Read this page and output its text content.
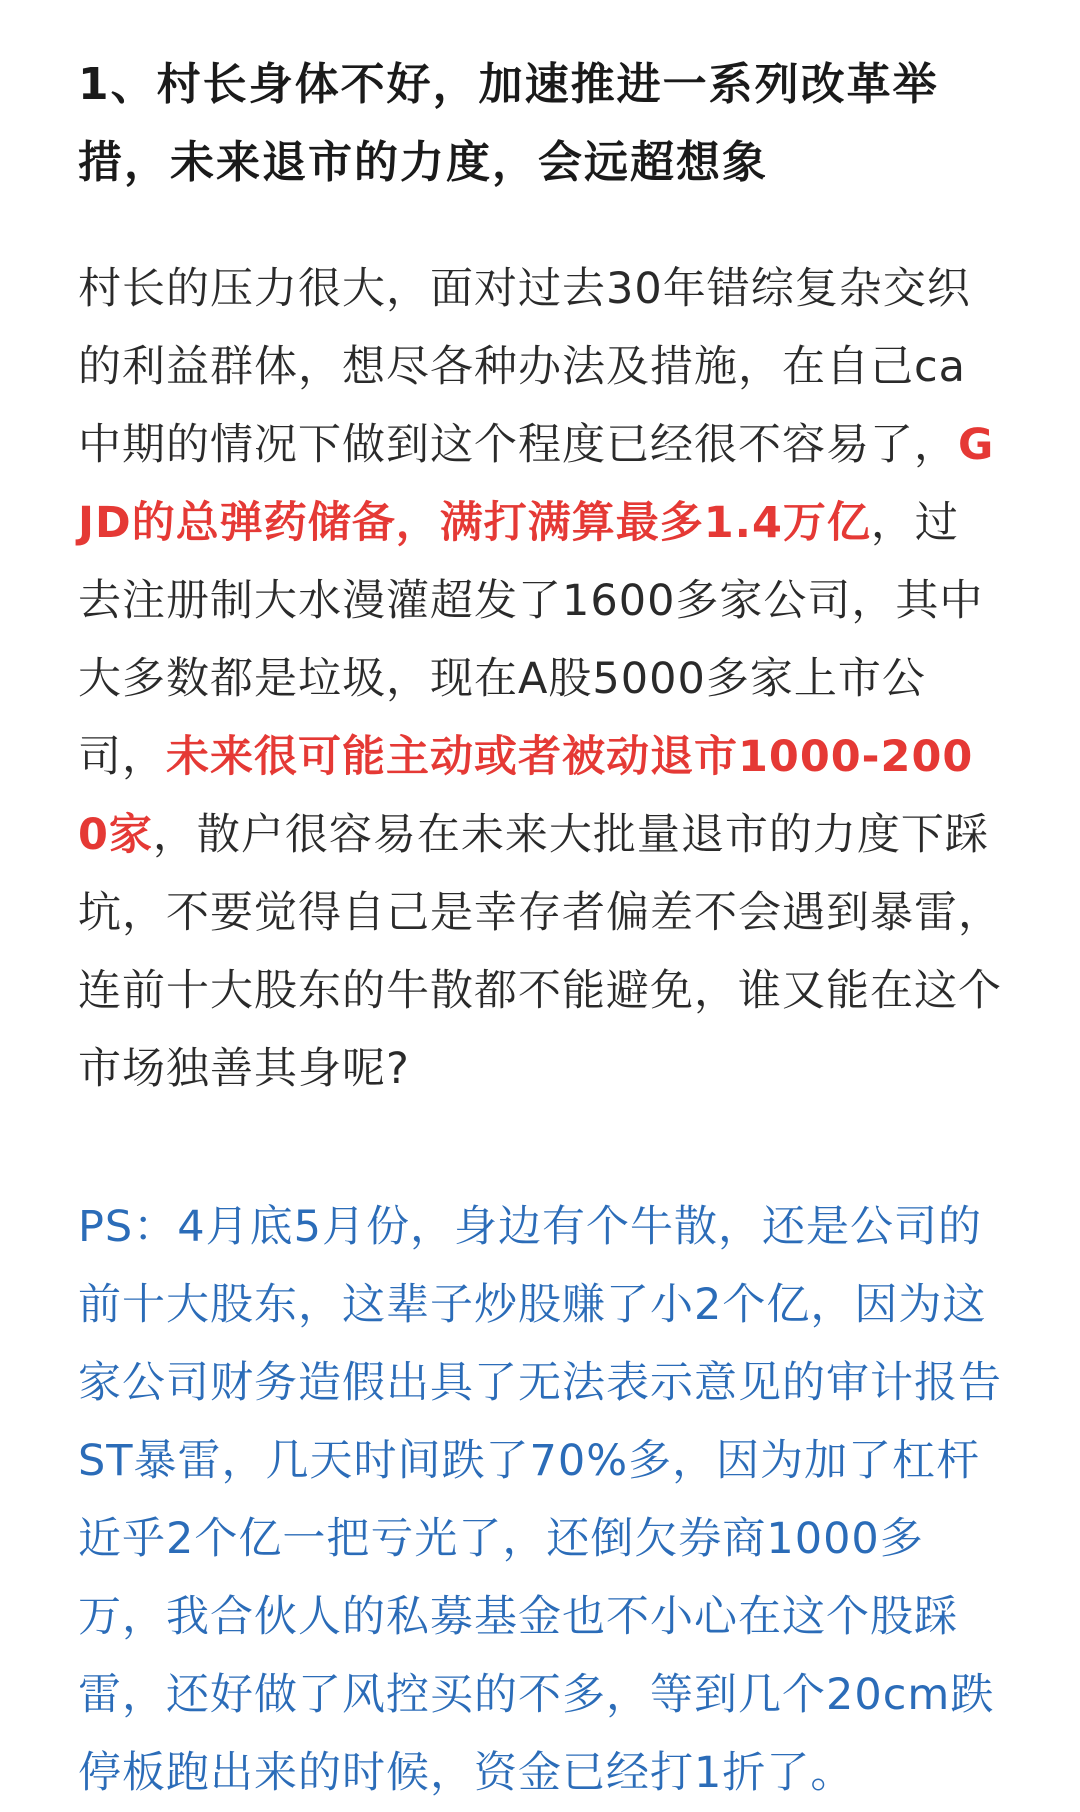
1、村长身体不好，加速推进一系列改革举措，未来退市的力度，会远超想象

村长的压力很大，面对过去30年错综复杂交织的利益群体，想尽各种办法及措施，在自己ca中期的情况下做到这个程度已经很不容易了，GJD的总弹药储备，满打满算最多1.4万亿，过去注册制大水漫灌超发了1600多家公司，其中大多数都是垃圾，现在A股5000多家上市公司，未来很可能主动或者被动退市1000-2000家，散户很容易在未来大批量退市的力度下踩坑，不要觉得自己是幸存者偏差不会遇到暴雷，连前十大股东的牛散都不能避免，谁又能在这个市场独善其身呢?

PS：4月底5月份，身边有个牛散，还是公司的前十大股东，这辈子炒股赚了小2个亿，因为这家公司财务造假出具了无法表示意见的审计报告ST暴雷，几天时间跌了70%多，因为加了杠杆近乎2个亿一把亏光了，还倒欠券商1000多万，我合伙人的私募基金也不小心在这个股踩雷，还好做了风控买的不多，等到几个20cm跌停板跑出来的时候，资金已经打1折了。
